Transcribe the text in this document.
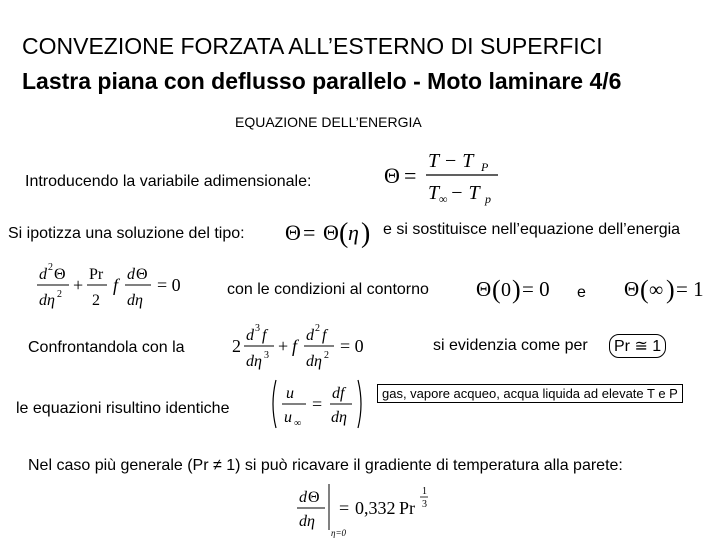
CONVEZIONE FORZATA ALL’ESTERNO DI SUPERFICI
Lastra piana con deflusso parallelo - Moto laminare 4/6
EQUAZIONE DELL’ENERGIA
Introducendo la variabile adimensionale:	Θ =
T − T P
T ∞ − T p
Si ipotizza una soluzione del tipo: Θ = Θ ( η ) e si sostituisce nell’equazione dell’energia
d 2 Θ
dη 2 +
Pr
2
f
d Θ
dη
= 0	con le condizioni al contorno Θ ( 0 ) = 0 e Θ ( ∞ ) = 1
Confrontandola con la	2
d 3 f
dη 3 + f
d 2 f
dη 2 = 0	si evidenzia come per	Pr ≅ 1
le equazioni risultino identiche
u
u ∞
=
df
dη
gas, vapore acqueo, acqua liquida ad elevate T e P
Nel caso più generale (Pr ≠ 1) si può ricavare il gradiente di temperatura alla parete:
d Θ
dη
η=0
= 0,332 Pr
1
3
